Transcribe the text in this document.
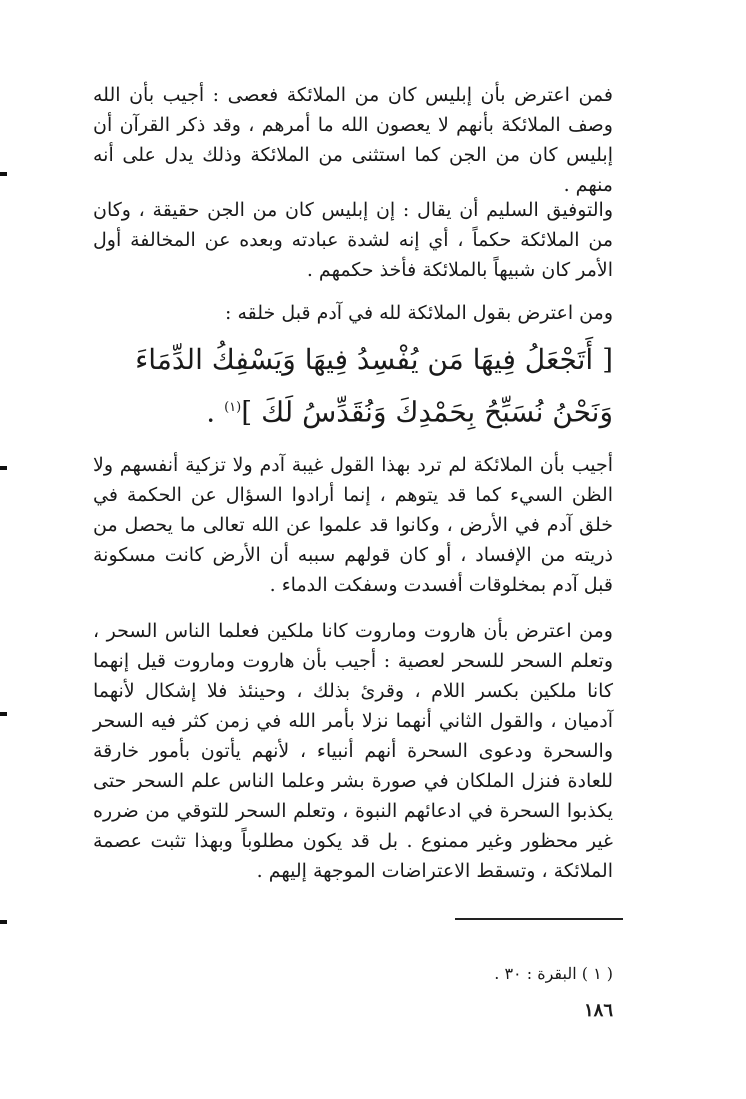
فمن اعترض بأن إبليس كان من الملائكة فعصى : أجيب بأن الله وصف الملائكة بأنهم لا يعصون الله ما أمرهم ، وقد ذكر القرآن أن إبليس كان من الجن كما استثنى من الملائكة وذلك يدل على أنه منهم .

والتوفيق السليم أن يقال : إن إبليس كان من الجن حقيقة ، وكان من الملائكة حكماً ، أي إنه لشدة عبادته وبعده عن المخالفة أول الأمر كان شبيهاً بالملائكة فأخذ حكمهم .

ومن اعترض بقول الملائكة لله في آدم قبل خلقه :

[ أَتَجْعَلُ فِيهَا مَن يُفْسِدُ فِيهَا وَيَسْفِكُ الدِّمَاءَ وَنَحْنُ نُسَبِّحُ بِحَمْدِكَ وَنُقَدِّسُ لَكَ ]$^{(١)}$ .

أجيب بأن الملائكة لم ترد بهذا القول غيبة آدم ولا تزكية أنفسهم ولا الظن السيء كما قد يتوهم ، إنما أرادوا السؤال عن الحكمة في خلق آدم في الأرض ، وكانوا قد علموا عن الله تعالى ما يحصل من ذريته من الإفساد ، أو كان قولهم سببه أن الأرض كانت مسكونة قبل آدم بمخلوقات أفسدت وسفكت الدماء .

ومن اعترض بأن هاروت وماروت كانا ملكين فعلما الناس السحر ، وتعلم السحر للسحر لعصية : أجيب بأن هاروت وماروت قيل إنهما كانا ملكين بكسر اللام ، وقرئ بذلك ، وحينئذ فلا إشكال لأنهما آدميان ، والقول الثاني أنهما نزلا بأمر الله في زمن كثر فيه السحر والسحرة ودعوى السحرة أنهم أنبياء ، لأنهم يأتون بأمور خارقة للعادة فنزل الملكان في صورة بشر وعلما الناس علم السحر حتى يكذبوا السحرة في ادعائهم النبوة ، وتعلم السحر للتوقي من ضرره غير محظور وغير ممنوع . بل قد يكون مطلوباً وبهذا تثبت عصمة الملائكة ، وتسقط الاعتراضات الموجهة إليهم .

( ١ ) البقرة : ٣٠ .

١٨٦
